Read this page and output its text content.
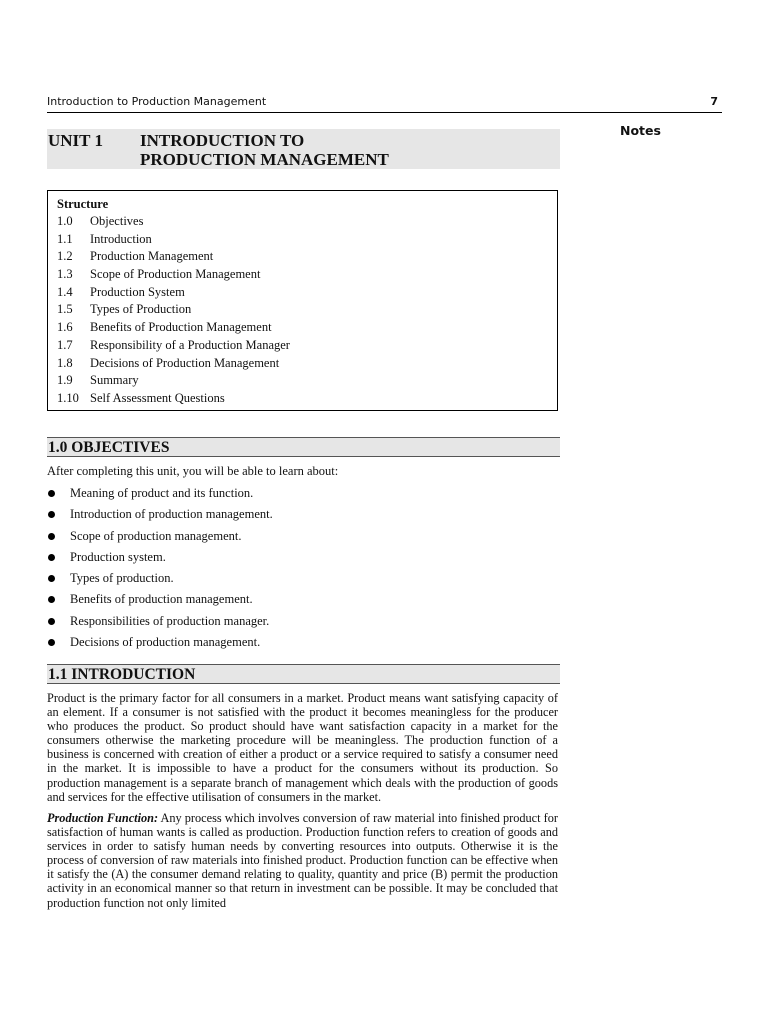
Introduction to Production Management	7
Notes
UNIT 1 INTRODUCTION TO
PRODUCTION MANAGEMENT
Structure
1.0 Objectives
1.1 Introduction
1.2 Production Management
1.3 Scope of Production Management
1.4 Production System
1.5 Types of Production
1.6 Benefits of Production Management
1.7 Responsibility of a Production Manager
1.8 Decisions of Production Management
1.9 Summary
1.10 Self Assessment Questions
1.0 OBJECTIVES
After completing this unit, you will be able to learn about:
Meaning of product and its function.
Introduction of production management.
Scope of production management.
Production system.
Types of production.
Benefits of production management.
Responsibilities of production manager.
Decisions of production management.
1.1 INTRODUCTION

Product is the primary factor for all consumers in a market. Product means want satisfying capacity of an element. If a consumer is not satisfied with the product it becomes meaningless for the producer who produces the product. So product should have want satisfaction capacity in a market for the consumers otherwise the marketing procedure will be meaningless. The production function of a business is concerned with creation of either a product or a service required to satisfy a consumer need in the market. It is impossible to have a product for the consumers without its production. So production management is a separate branch of management which deals with the production of goods and services for the effective utilisation of consumers in the market.

Production Function: Any process which involves conversion of raw material into finished product for satisfaction of human wants is called as production. Production function refers to creation of goods and services in order to satisfy human needs by converting resources into outputs. Otherwise it is the process of conversion of raw materials into finished product. Production function can be effective when it satisfy the (A) the consumer demand relating to quality, quantity and price (B) permit the production activity in an economical manner so that return in investment can be possible. It may be concluded that production function not only limited
